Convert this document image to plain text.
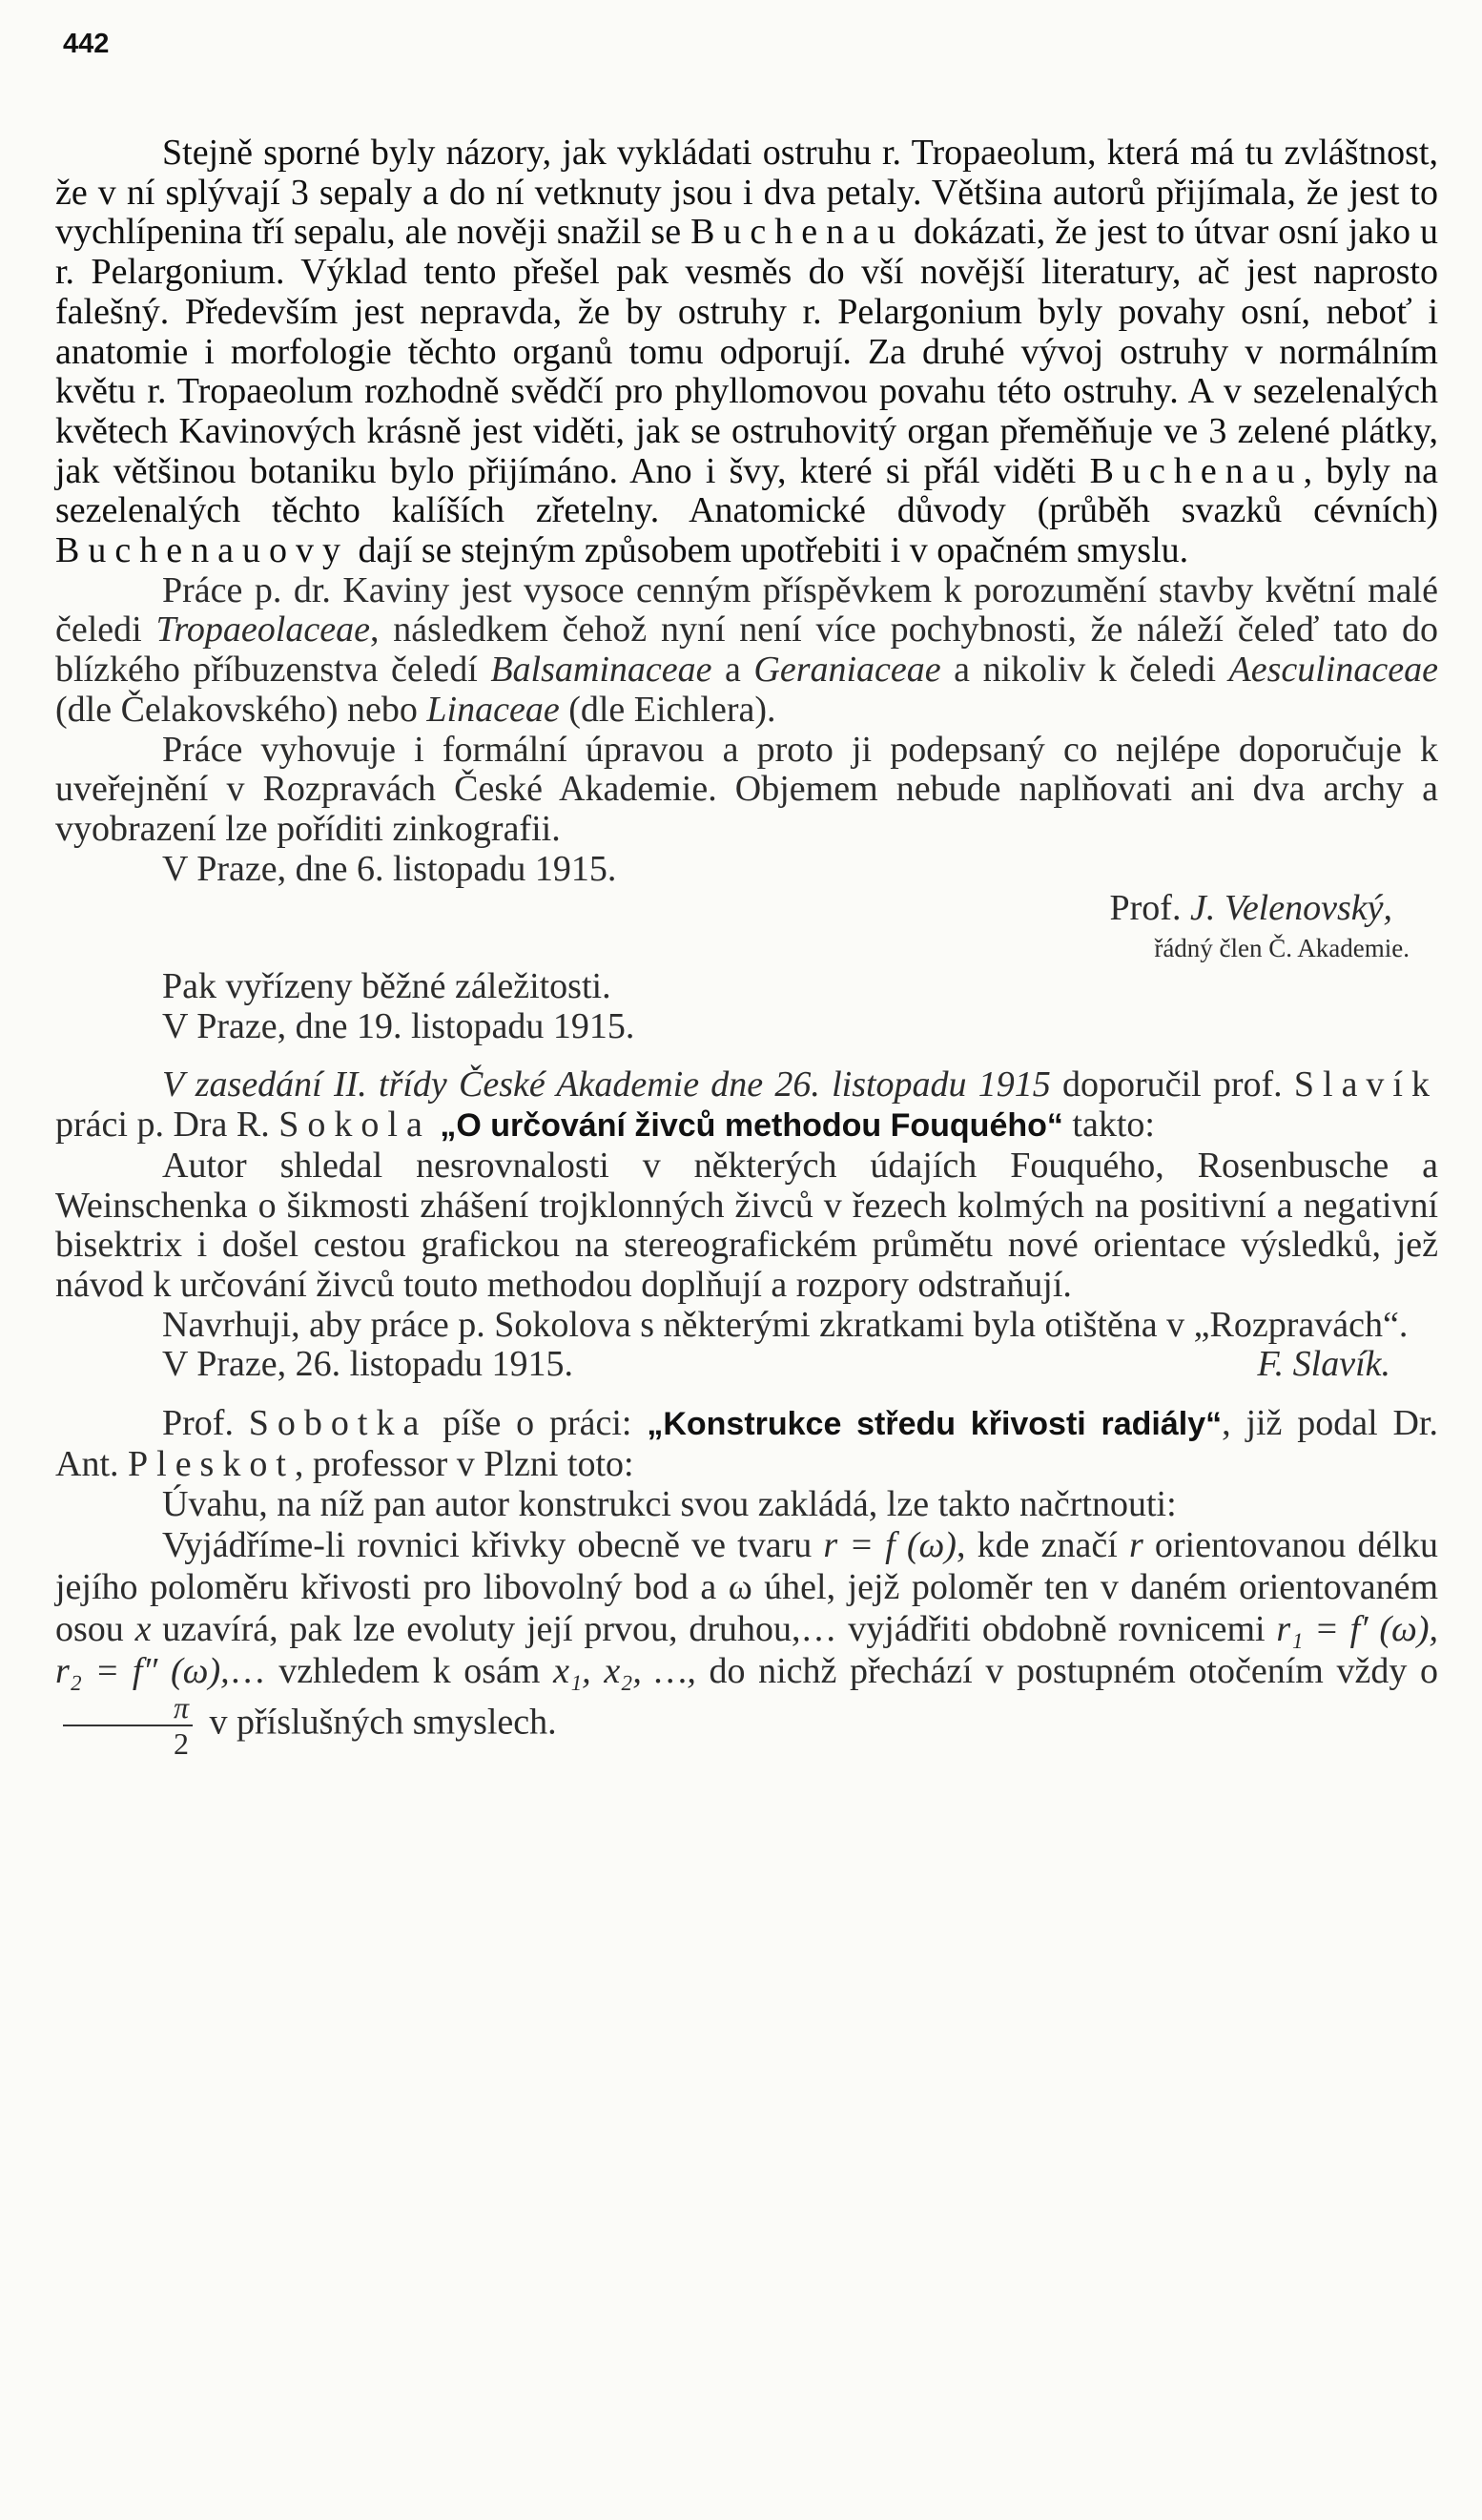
442

Stejně sporné byly názory, jak vykládati ostruhu r. Tropaeolum, která má tu zvláštnost, že v ní splývají 3 sepaly a do ní vetknuty jsou i dva petaly. Většina autorů přijímala, že jest to vychlípenina tří sepalu, ale nověji snažil se Buchenau dokázati, že jest to útvar osní jako u r. Pelargonium. Výklad tento přešel pak vesměs do vší novější literatury, ač jest naprosto falešný. Především jest nepravda, že by ostruhy r. Pelargonium byly povahy osní, neboť i anatomie i morfologie těchto organů tomu odporují. Za druhé vývoj ostruhy v normálním květu r. Tropaeolum rozhodně svědčí pro phyllomovou povahu této ostruhy. A v sezelenalých květech Kavinových krásně jest viděti, jak se ostruhovitý organ přeměňuje ve 3 zelené plátky, jak většinou botaniku bylo přijímáno. Ano i švy, které si přál viděti Buchenau, byly na sezelenalých těchto kalíších zřetelny. Anatomické důvody (průběh svazků cévních) Buchenauovy dají se stejným způsobem upotřebiti i v opačném smyslu.

Práce p. dr. Kaviny jest vysoce cenným příspěvkem k porozumění stavby květní malé čeledi Tropaeolaceae, následkem čehož nyní není více pochybnosti, že náleží čeleď tato do blízkého příbuzenstva čeledí Balsaminaceae a Geraniaceae a nikoliv k čeledi Aesculinaceae (dle Čelakovského) nebo Linaceae (dle Eichlera).

Práce vyhovuje i formální úpravou a proto ji podepsaný co nejlépe doporučuje k uveřejnění v Rozpravách České Akademie. Objemem nebude naplňovati ani dva archy a vyobrazení lze poříditi zinkografii.

V Praze, dne 6. listopadu 1915.
Prof. J. Velenovský,
řádný člen Č. Akademie.
Pak vyřízeny běžné záležitosti.
V Praze, dne 19. listopadu 1915.

V zasedání II. třídy České Akademie dne 26. listopadu 1915 doporučil prof. Slavík práci p. Dra R. Sokola „O určování živců methodou Fouquého“ takto:

Autor shledal nesrovnalosti v některých údajích Fouquého, Rosenbusche a Weinschenka o šikmosti zhášení trojklonných živců v řezech kolmých na positivní a negativní bisektrix i došel cestou grafickou na stereografickém průmětu nové orientace výsledků, jež návod k určování živců touto methodou doplňují a rozpory odstraňují.

Navrhuji, aby práce p. Sokolova s některými zkratkami byla otištěna v „Rozpravách“.

V Praze, 26. listopadu 1915.	F. Slavík.

Prof. Sobotka píše o práci: „Konstrukce středu křivosti radiály“, již podal Dr. Ant. Pleskot, professor v Plzni toto:

Úvahu, na níž pan autor konstrukci svou zakládá, lze takto načrtnouti:

Vyjádříme-li rovnici křivky obecně ve tvaru r = f (ω), kde značí r orientovanou délku jejího poloměru křivosti pro libovolný bod a ω úhel, jejž poloměr ten v daném orientovaném osou x uzavírá, pak lze evoluty její prvou, druhou,… vyjádřiti obdobně rovnicemi r₁ = f′ (ω), r₂ = f″ (ω),… vzhledem k osám x₁, x₂, …, do nichž přechází v postupném otočením vždy o
$\frac{\pi}{2}$ v příslušných smyslech.
